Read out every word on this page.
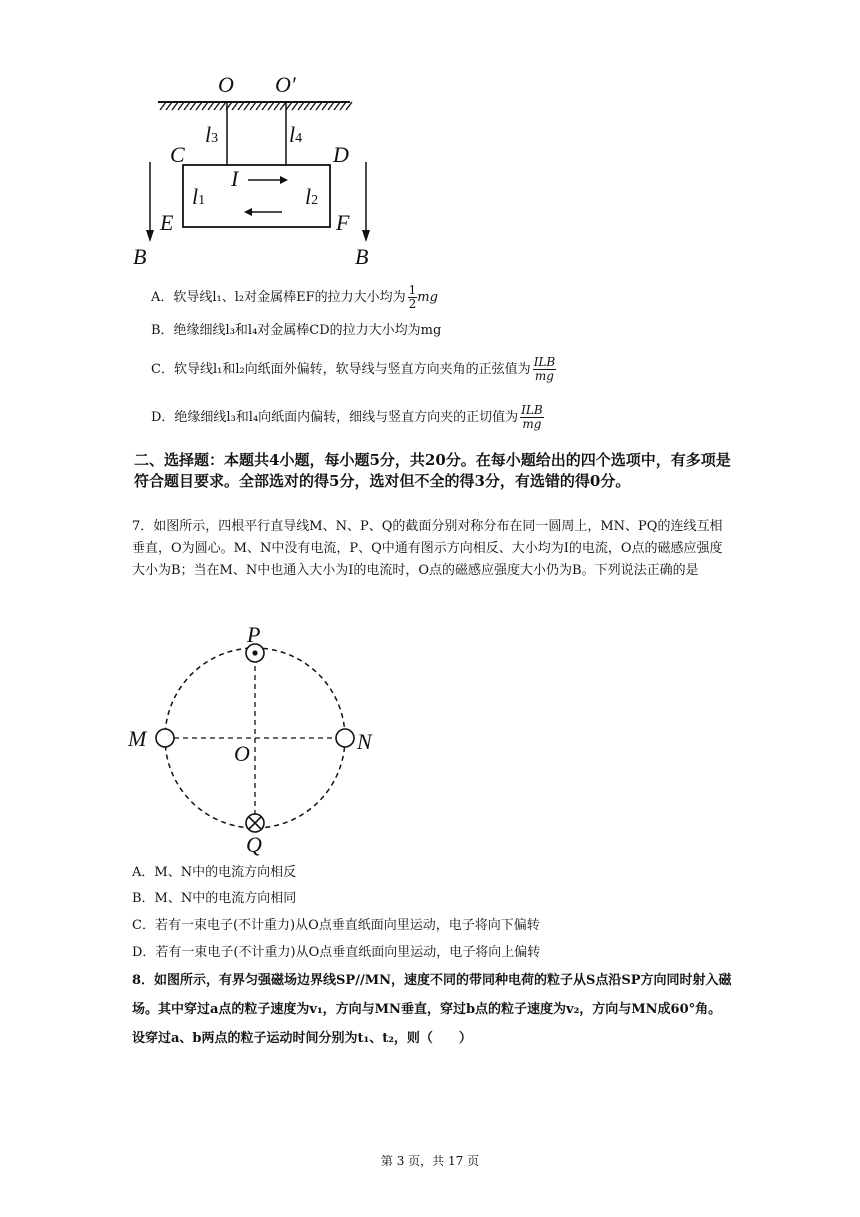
O O′
l3	l4
C	D
I
l1	l2
E	F
B	B
A．软导线l₁、l₂对金属棒EF的拉力大小均为 $\frac{1}{2}$ mg
B．绝缘细线l₃和l₄对金属棒CD的拉力大小均为mg
C．软导线l₁和l₂向纸面外偏转，软导线与竖直方向夹角的正弦值为 $\frac{\text{ILB}}{mg}$
D．绝缘细线l₃和l₄向纸面内偏转，细线与竖直方向夹的正切值为 $\frac{\text{ILB}}{mg}$
二、选择题：本题共4小题，每小题5分，共20分。在每小题给出的四个选项中，有多项是符合题目要求。全部选对的得5分，选对但不全的得3分，有选错的得0分。
7．如图所示，四根平行直导线M、N、P、Q的截面分别对称分布在同一圆周上，MN、PQ的连线互相垂直，O为圆心。M、N中没有电流，P、Q中通有图示方向相反、大小均为I的电流，O点的磁感应强度大小为B；当在M、N中也通入大小为I的电流时，O点的磁感应强度大小仍为B。下列说法正确的是
P
M	N
O
Q
A．M、N中的电流方向相反
B．M、N中的电流方向相同
C．若有一束电子(不计重力)从O点垂直纸面向里运动，电子将向下偏转
D．若有一束电子(不计重力)从O点垂直纸面向里运动，电子将向上偏转
8．如图所示，有界匀强磁场边界线SP//MN，速度不同的带同种电荷的粒子从S点沿SP方向同时射入磁场。其中穿过a点的粒子速度为v₁，方向与MN垂直，穿过b点的粒子速度为v₂，方向与MN成60°角。设穿过a、b两点的粒子运动时间分别为t₁、t₂，则（　　）
第 3 页，共 17 页
